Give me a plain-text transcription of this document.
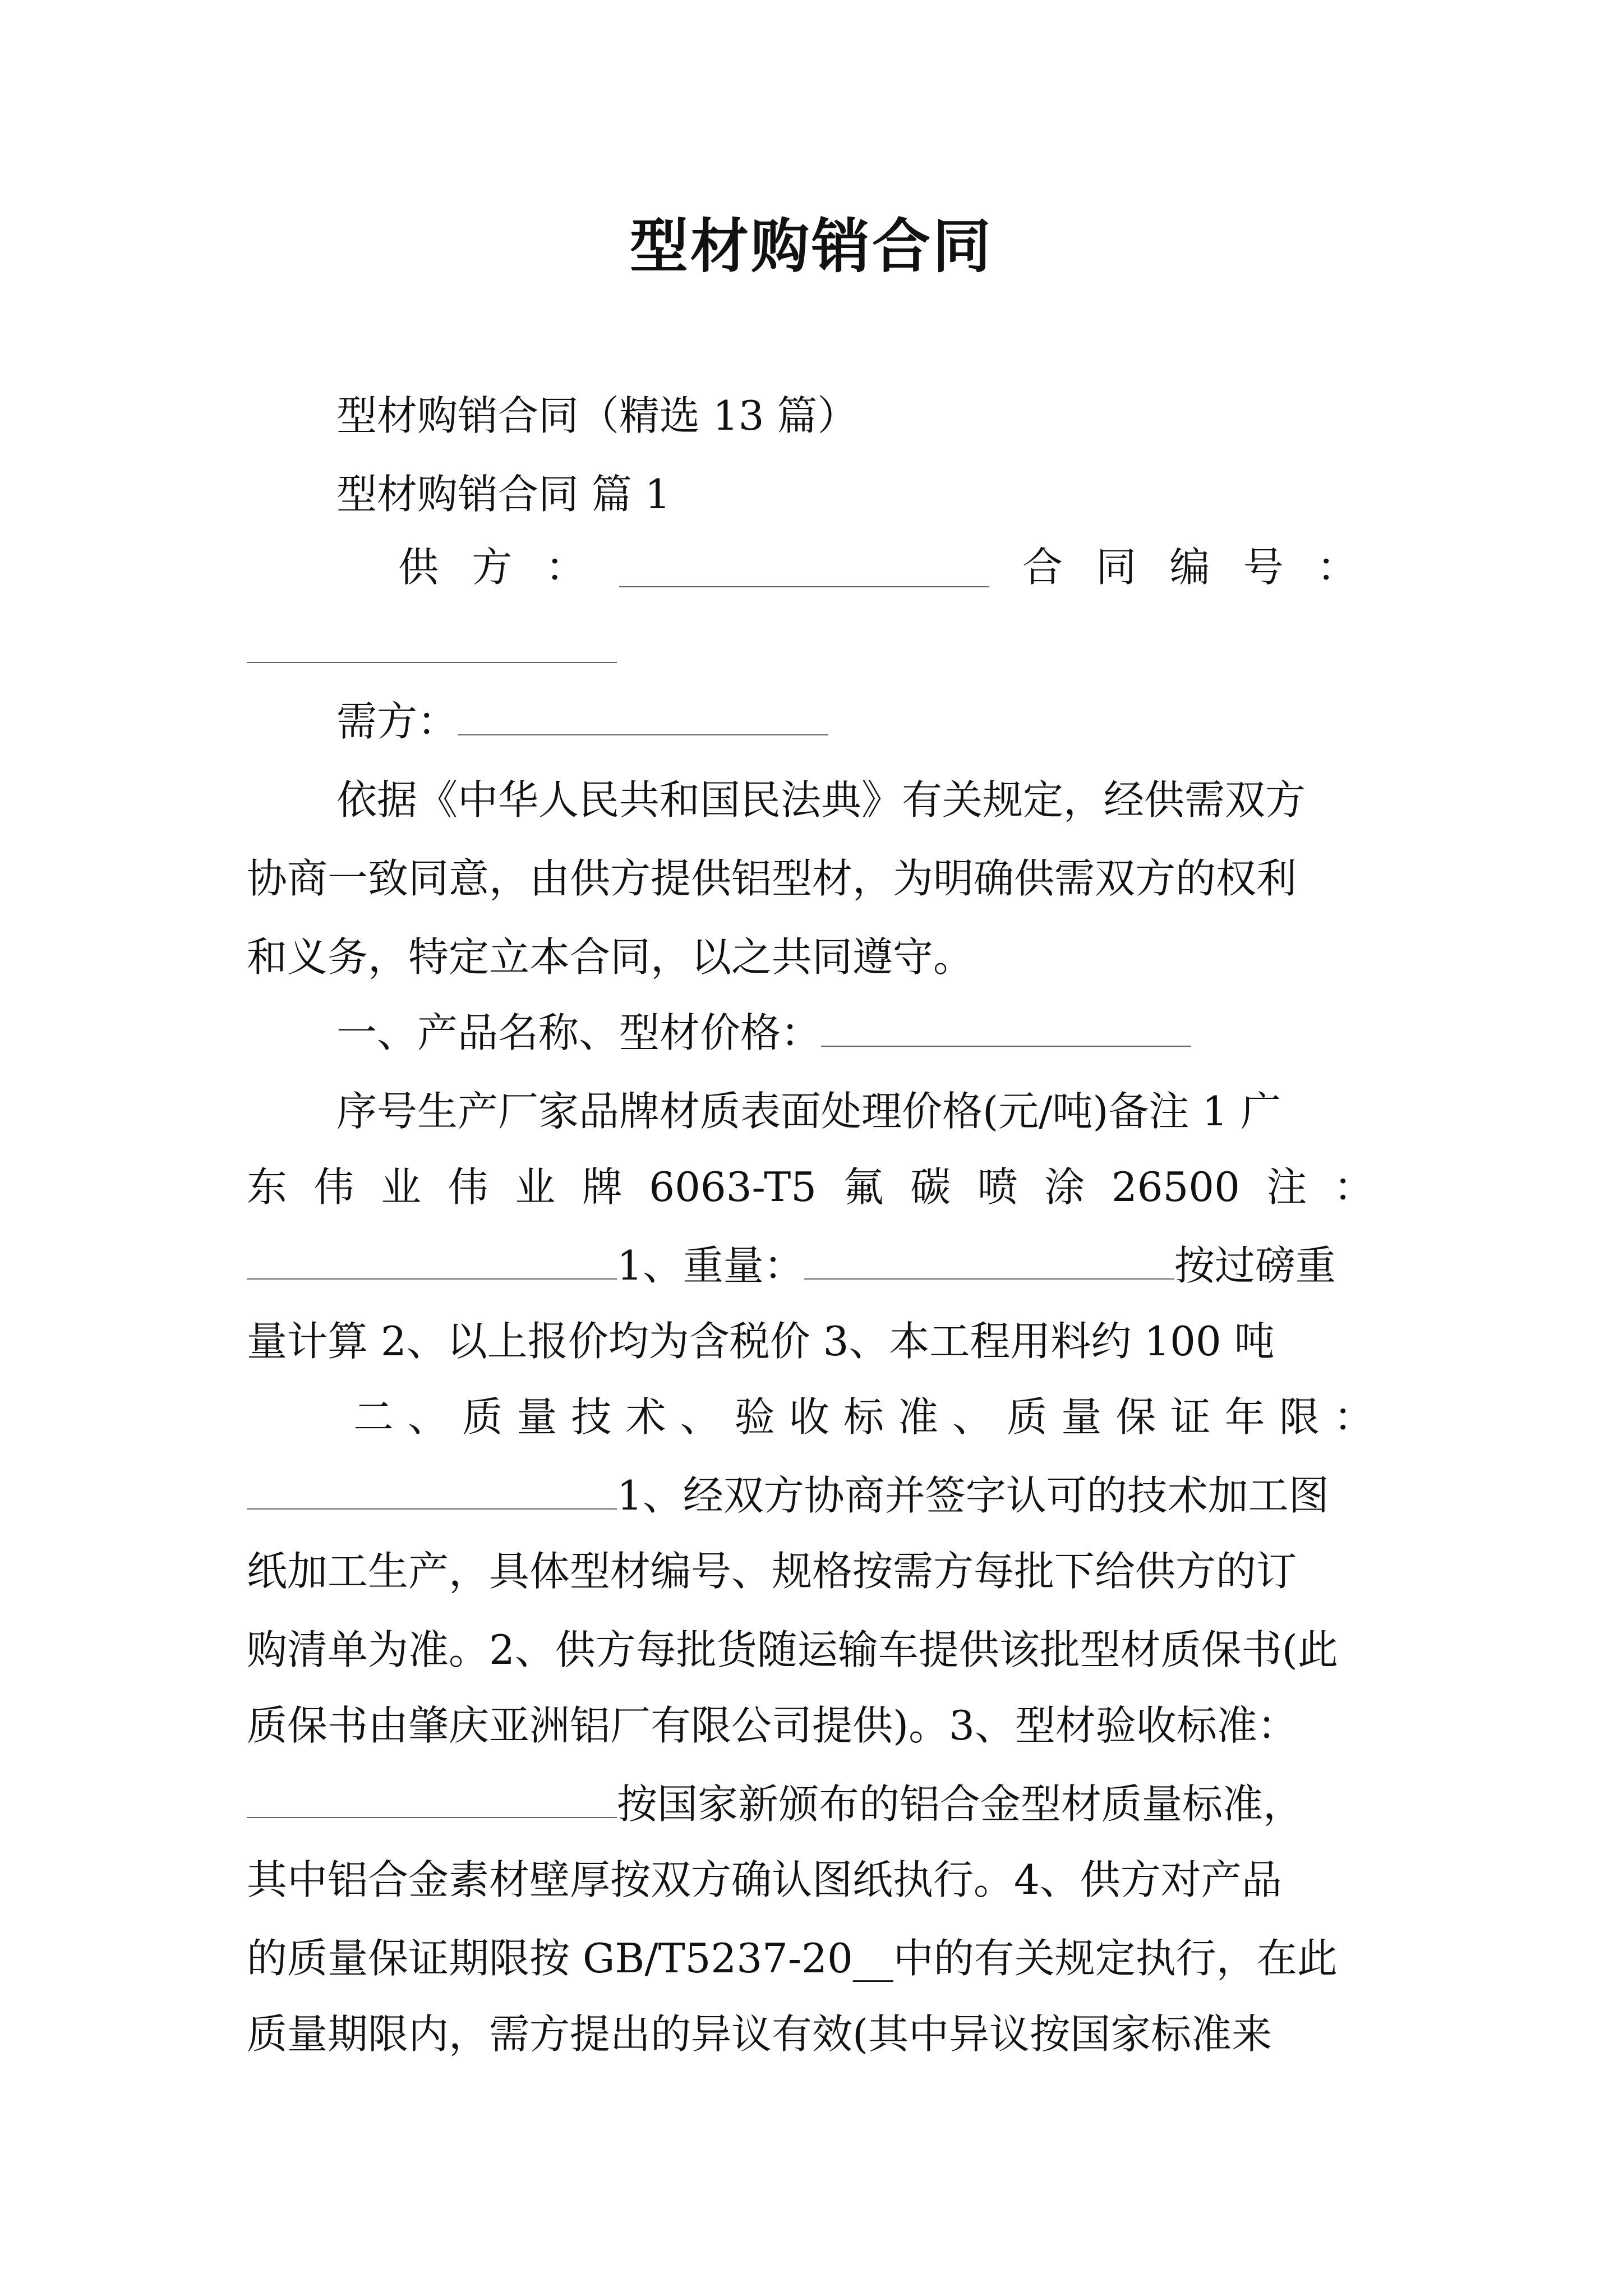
型材购销合同
型材购销合同（精选 13 篇）
型材购销合同 篇 1
供 方 ：	合 同 编 号 ：
需方：
依据《中华人民共和国民法典》有关规定，经供需双方
协商一致同意，由供方提供铝型材，为明确供需双方的权利
和义务，特定立本合同，以之共同遵守。
一、产品名称、型材价格：
序号生产厂家品牌材质表面处理价格(元/吨)备注 1 广
东 伟 业 伟 业 牌 6063-T5 氟 碳 喷 涂 26500 注 ：
1、重量：	按过磅重
量计算 2、以上报价均为含税价 3、本工程用料约 100 吨
二 、 质 量 技 术 、 验 收 标 准 、 质 量 保 证 年 限 ：
1、经双方协商并签字认可的技术加工图
纸加工生产，具体型材编号、规格按需方每批下给供方的订
购清单为准。2、供方每批货随运输车提供该批型材质保书(此
质保书由肇庆亚洲铝厂有限公司提供)。3、型材验收标准：
按国家新颁布的铝合金型材质量标准，
其中铝合金素材壁厚按双方确认图纸执行。4、供方对产品
的质量保证期限按 GB/T5237-20__中的有关规定执行，在此
质量期限内，需方提出的异议有效(其中异议按国家标准来
